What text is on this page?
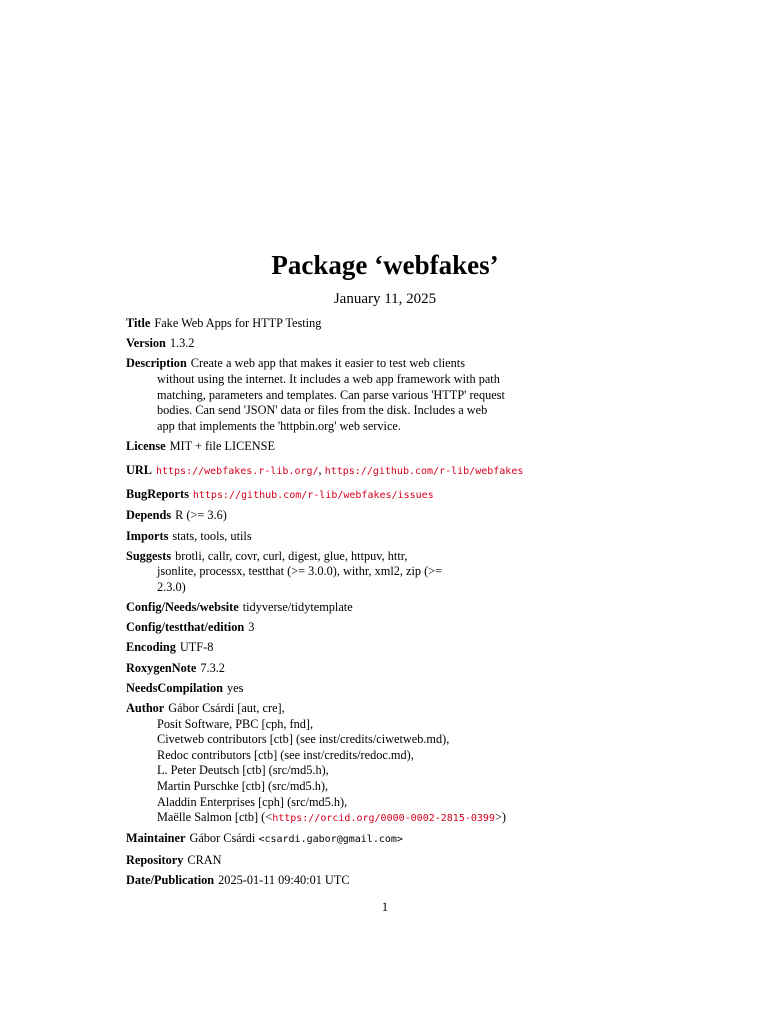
Package ‘webfakes’
January 11, 2025
Title Fake Web Apps for HTTP Testing
Version 1.3.2
Description Create a web app that makes it easier to test web clients
without using the internet. It includes a web app framework with path
matching, parameters and templates. Can parse various 'HTTP' request
bodies. Can send 'JSON' data or files from the disk. Includes a web
app that implements the 'httpbin.org' web service.
License MIT + file LICENSE
URL https://webfakes.r-lib.org/, https://github.com/r-lib/webfakes
BugReports https://github.com/r-lib/webfakes/issues
Depends R (>= 3.6)
Imports stats, tools, utils
Suggests brotli, callr, covr, curl, digest, glue, httpuv, httr,
jsonlite, processx, testthat (>= 3.0.0), withr, xml2, zip (>=
2.3.0)
Config/Needs/website tidyverse/tidytemplate
Config/testthat/edition 3
Encoding UTF-8
RoxygenNote 7.3.2
NeedsCompilation yes
Author Gábor Csárdi [aut, cre],
Posit Software, PBC [cph, fnd],
Civetweb contributors [ctb] (see inst/credits/ciwetweb.md),
Redoc contributors [ctb] (see inst/credits/redoc.md),
L. Peter Deutsch [ctb] (src/md5.h),
Martin Purschke [ctb] (src/md5.h),
Aladdin Enterprises [cph] (src/md5.h),
Maëlle Salmon [ctb] (<https://orcid.org/0000-0002-2815-0399>)
Maintainer Gábor Csárdi <csardi.gabor@gmail.com>
Repository CRAN
Date/Publication 2025-01-11 09:40:01 UTC
1
